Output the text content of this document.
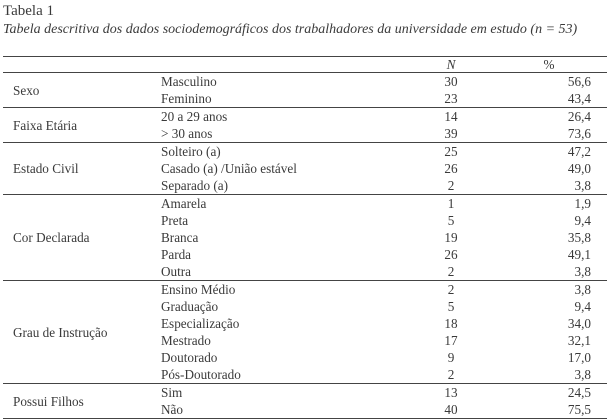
Tabela 1
Tabela descritiva dos dados sociodemográficos dos trabalhadores da universidade em estudo (n = 53)
		N	%
Sexo	Masculino	30	56,6
	Feminino	23	43,4
Faixa Etária	20 a 29 anos	14	26,4
	> 30 anos	39	73,6
Estado Civil	Solteiro (a)	25	47,2
	Casado (a) /União estável	26	49,0
	Separado (a)	2	3,8
Cor Declarada	Amarela	1	1,9
	Preta	5	9,4
	Branca	19	35,8
	Parda	26	49,1
	Outra	2	3,8
Grau de Instrução	Ensino Médio	2	3,8
	Graduação	5	9,4
	Especialização	18	34,0
	Mestrado	17	32,1
	Doutorado	9	17,0
	Pós-Doutorado	2	3,8
Possui Filhos	Sim	13	24,5
	Não	40	75,5
